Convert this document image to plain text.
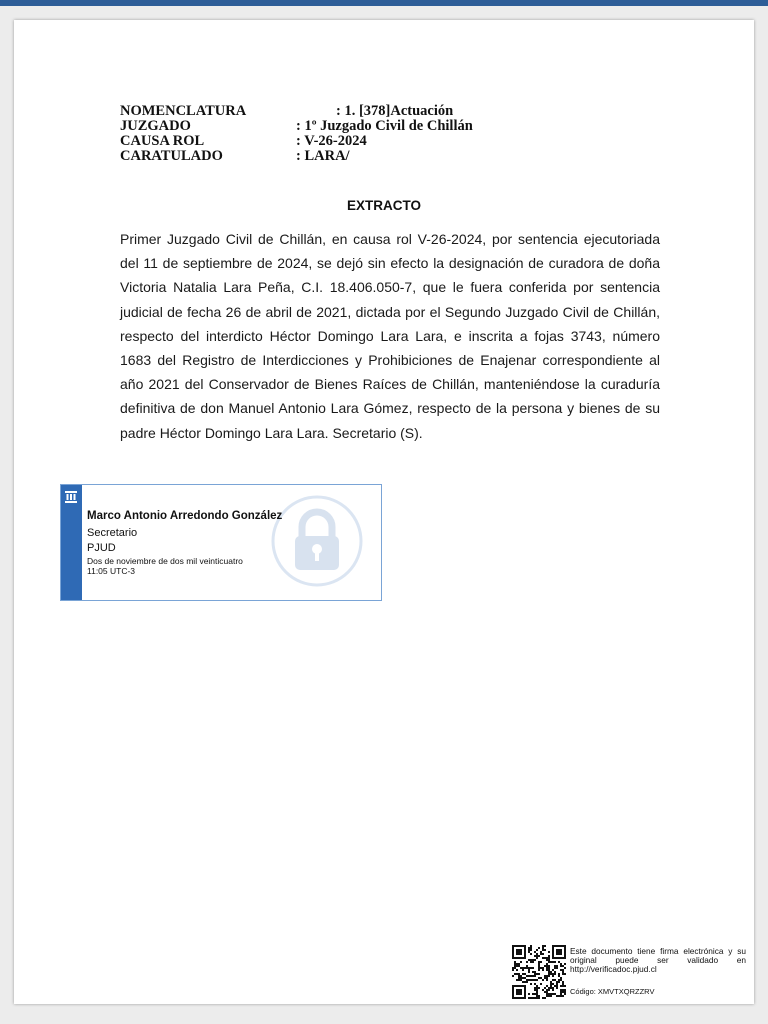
NOMENCLATURA	: 1. [378]Actuación
JUZGADO	: 1º Juzgado Civil de Chillán
CAUSA ROL	: V-26-2024
CARATULADO	: LARA/
EXTRACTO
Primer Juzgado Civil de Chillán, en causa rol V-26-2024, por sentencia ejecutoriada del 11 de septiembre de 2024, se dejó sin efecto la designación de curadora de doña Victoria Natalia Lara Peña, C.I. 18.406.050-7, que le fuera conferida por sentencia judicial de fecha 26 de abril de 2021, dictada por el Segundo Juzgado Civil de Chillán, respecto del interdicto Héctor Domingo Lara Lara, e inscrita a fojas 3743, número 1683 del Registro de Interdicciones y Prohibiciones de Enajenar correspondiente al año 2021 del Conservador de Bienes Raíces de Chillán, manteniéndose la curaduría definitiva de don Manuel Antonio Lara Gómez, respecto de la persona y bienes de su padre Héctor Domingo Lara Lara. Secretario (S).
Marco Antonio Arredondo González
Secretario
PJUD
Dos de noviembre de dos mil veinticuatro
11:05 UTC-3
Este documento tiene firma electrónica y su original puede ser validado en http://verificadoc.pjud.cl
Código: XMVTXQRZZRV
